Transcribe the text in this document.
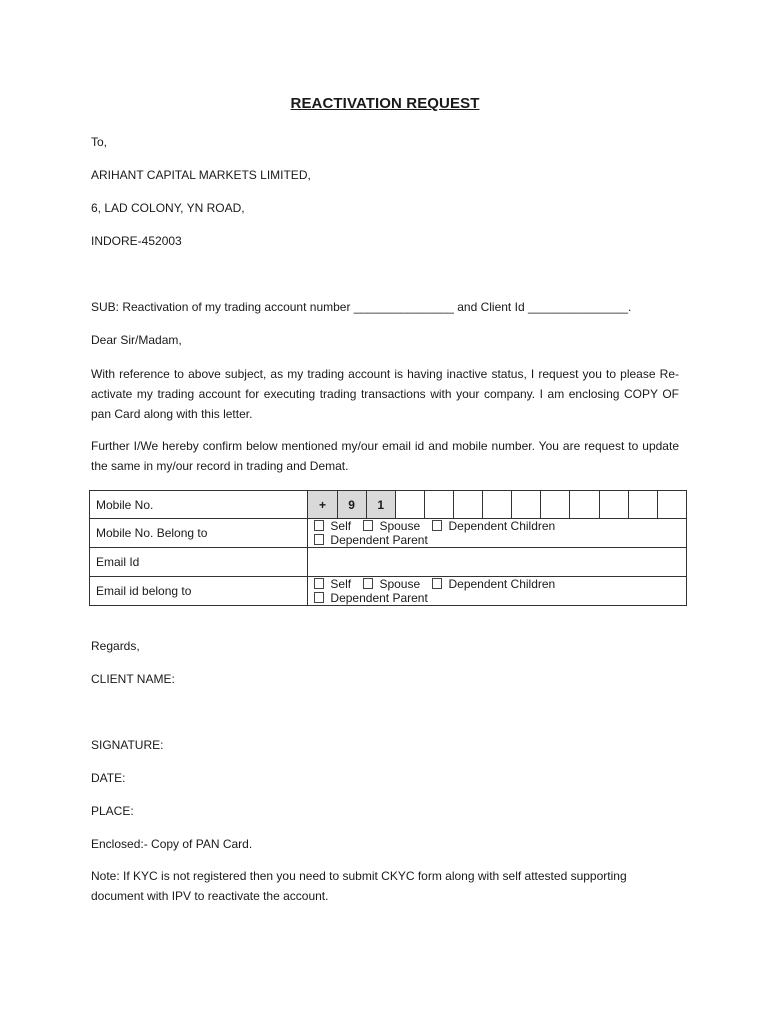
REACTIVATION REQUEST
To,
ARIHANT CAPITAL MARKETS LIMITED,
6, LAD COLONY, YN ROAD,
INDORE-452003
SUB: Reactivation of my trading account number _______________ and Client Id _______________.
Dear Sir/Madam,
With reference to above subject, as my trading account is having inactive status, I request you to please Re-activate my trading account for executing trading transactions with your company. I am enclosing COPY OF pan Card along with this letter.
Further I/We hereby confirm below mentioned my/our email id and mobile number. You are request to update the same in my/our record in trading and Demat.
Mobile No.	+	9	1										
Mobile No. Belong to	Self Spouse Dependent Children Dependent Parent												
Email Id													
Email id belong to	Self Spouse Dependent Children Dependent Parent												
Regards,
CLIENT NAME:
SIGNATURE:
DATE:
PLACE:
Enclosed:- Copy of PAN Card.
Note: If KYC is not registered then you need to submit CKYC form along with self attested supporting document with IPV to reactivate the account.
